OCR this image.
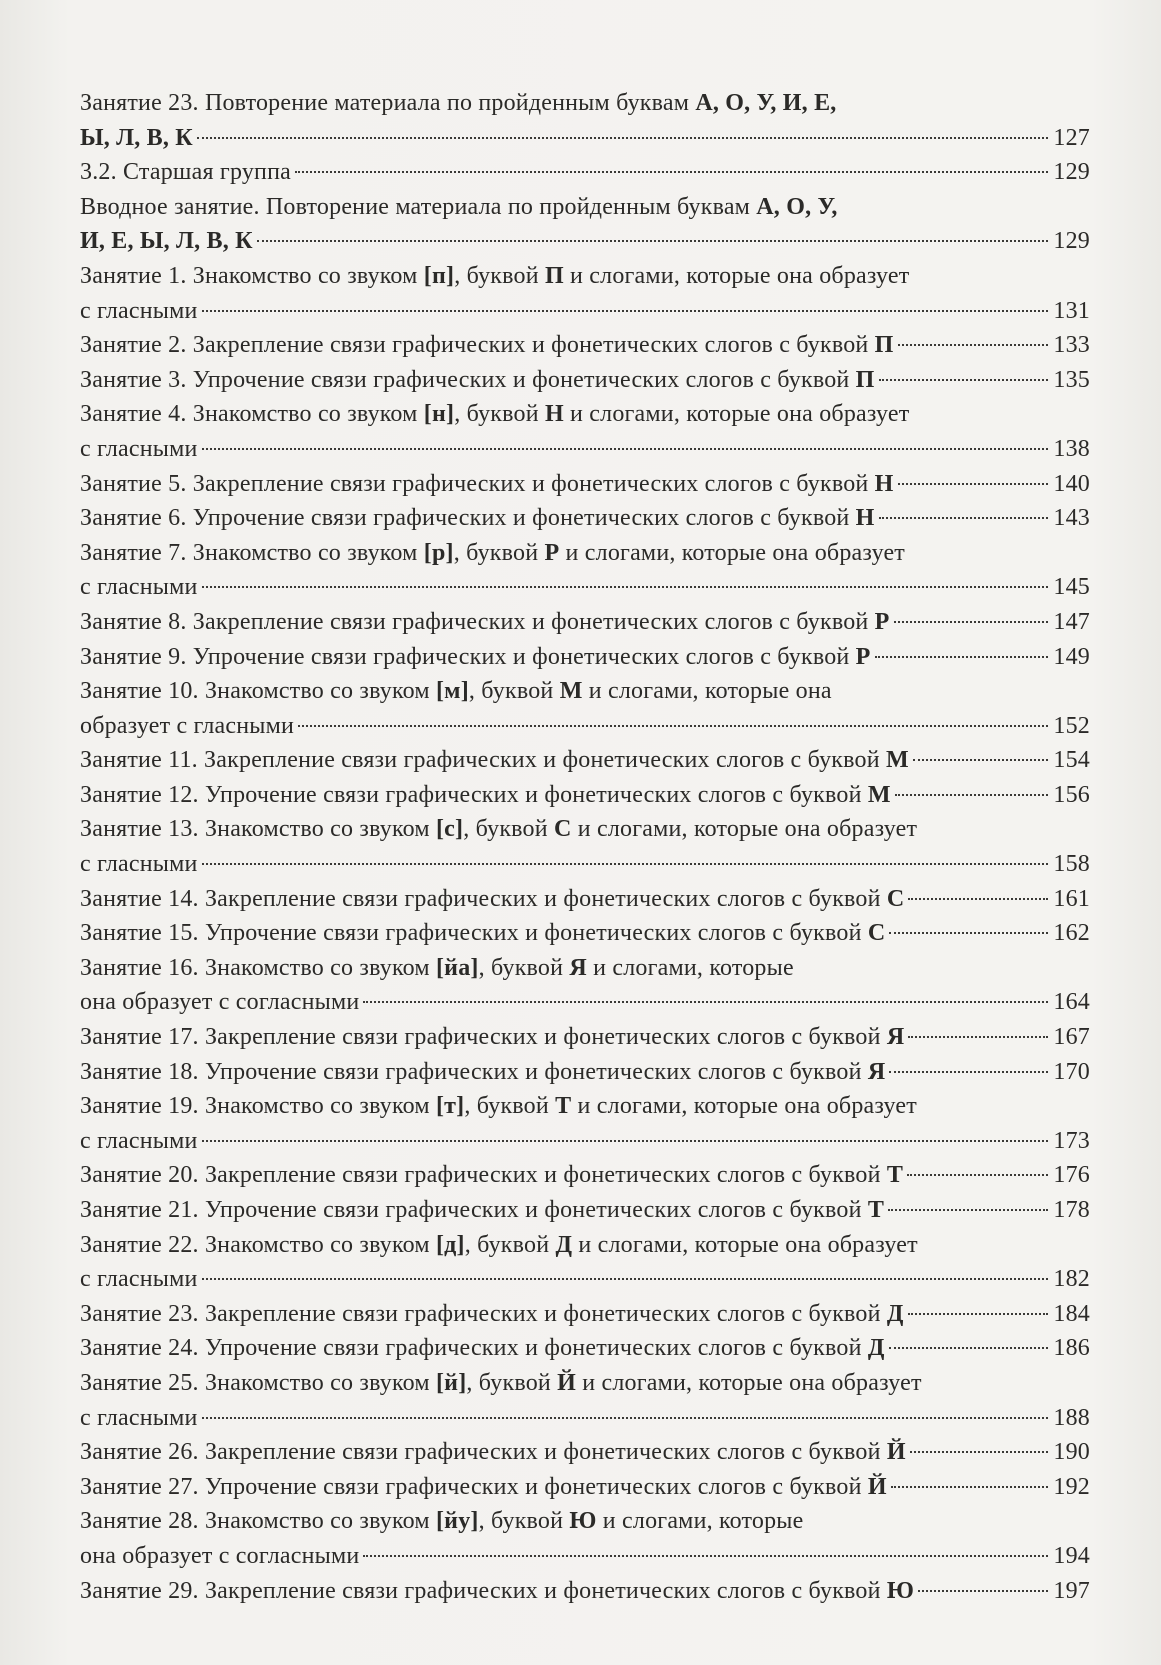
Занятие 23. Повторение материала по пройденным буквам А, О, У, И, Е,
Ы, Л, В, К	127
3.2. Старшая группа	129
Вводное занятие. Повторение материала по пройденным буквам А, О, У,
И, Е, Ы, Л, В, К	129
Занятие 1. Знакомство со звуком [п], буквой П и слогами, которые она образует
с гласными	131
Занятие 2. Закрепление связи графических и фонетических слогов с буквой П	133
Занятие 3. Упрочение связи графических и фонетических слогов с буквой П	135
Занятие 4. Знакомство со звуком [н], буквой Н и слогами, которые она образует
с гласными	138
Занятие 5. Закрепление связи графических и фонетических слогов с буквой Н	140
Занятие 6. Упрочение связи графических и фонетических слогов с буквой Н	143
Занятие 7. Знакомство со звуком [р], буквой Р и слогами, которые она образует
с гласными	145
Занятие 8. Закрепление связи графических и фонетических слогов с буквой Р	147
Занятие 9. Упрочение связи графических и фонетических слогов с буквой Р	149
Занятие 10. Знакомство со звуком [м], буквой М и слогами, которые она
образует с гласными	152
Занятие 11. Закрепление связи графических и фонетических слогов с буквой М	154
Занятие 12. Упрочение связи графических и фонетических слогов с буквой М	156
Занятие 13. Знакомство со звуком [с], буквой С и слогами, которые она образует
с гласными	158
Занятие 14. Закрепление связи графических и фонетических слогов с буквой С	161
Занятие 15. Упрочение связи графических и фонетических слогов с буквой С	162
Занятие 16. Знакомство со звуком [йа], буквой Я и слогами, которые
она образует с согласными	164
Занятие 17. Закрепление связи графических и фонетических слогов с буквой Я	167
Занятие 18. Упрочение связи графических и фонетических слогов с буквой Я	170
Занятие 19. Знакомство со звуком [т], буквой Т и слогами, которые она образует
с гласными	173
Занятие 20. Закрепление связи графических и фонетических слогов с буквой Т	176
Занятие 21. Упрочение связи графических и фонетических слогов с буквой Т	178
Занятие 22. Знакомство со звуком [д], буквой Д и слогами, которые она образует
с гласными	182
Занятие 23. Закрепление связи графических и фонетических слогов с буквой Д	184
Занятие 24. Упрочение связи графических и фонетических слогов с буквой Д	186
Занятие 25. Знакомство со звуком [й], буквой Й и слогами, которые она образует
с гласными	188
Занятие 26. Закрепление связи графических и фонетических слогов с буквой Й	190
Занятие 27. Упрочение связи графических и фонетических слогов с буквой Й	192
Занятие 28. Знакомство со звуком [йу], буквой Ю и слогами, которые
она образует с согласными	194
Занятие 29. Закрепление связи графических и фонетических слогов с буквой Ю	197
